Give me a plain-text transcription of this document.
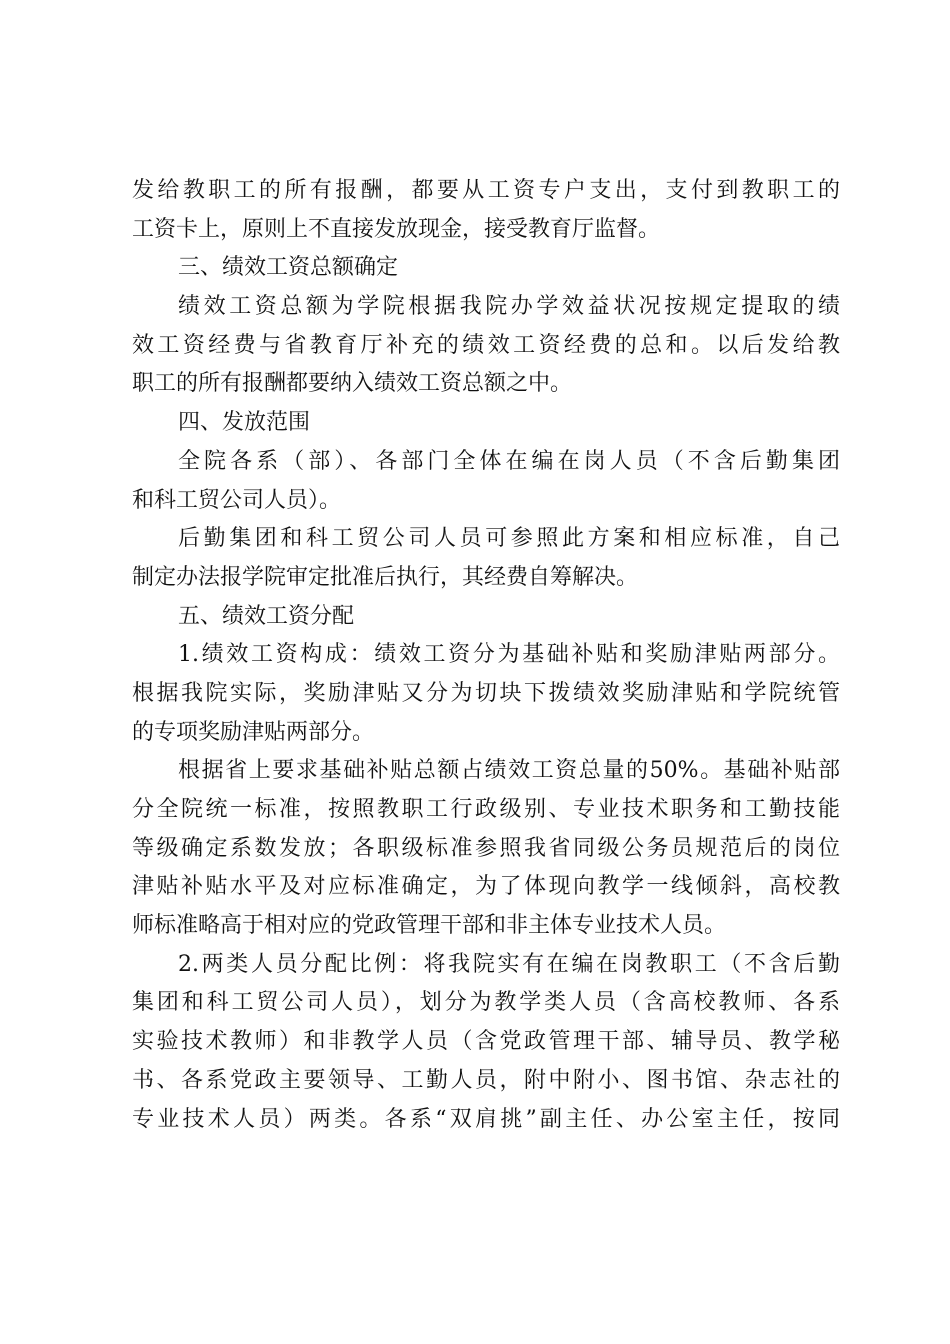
发给教职工的所有报酬，都要从工资专户支出，支付到教职工的
工资卡上，原则上不直接发放现金，接受教育厅监督。
三、绩效工资总额确定
绩效工资总额为学院根据我院办学效益状况按规定提取的绩
效工资经费与省教育厅补充的绩效工资经费的总和。以后发给教
职工的所有报酬都要纳入绩效工资总额之中。
四、发放范围
全院各系（部）、各部门全体在编在岗人员（不含后勤集团
和科工贸公司人员）。
后勤集团和科工贸公司人员可参照此方案和相应标准，自己
制定办法报学院审定批准后执行，其经费自筹解决。
五、绩效工资分配
1.绩效工资构成：绩效工资分为基础补贴和奖励津贴两部分。
根据我院实际，奖励津贴又分为切块下拨绩效奖励津贴和学院统管
的专项奖励津贴两部分。
根据省上要求基础补贴总额占绩效工资总量的50%。基础补贴部
分全院统一标准，按照教职工行政级别、专业技术职务和工勤技能
等级确定系数发放；各职级标准参照我省同级公务员规范后的岗位
津贴补贴水平及对应标准确定，为了体现向教学一线倾斜，高校教
师标准略高于相对应的党政管理干部和非主体专业技术人员。
2.两类人员分配比例：将我院实有在编在岗教职工（不含后勤
集团和科工贸公司人员），划分为教学类人员（含高校教师、各系
实验技术教师）和非教学人员（含党政管理干部、辅导员、教学秘
书、各系党政主要领导、工勤人员，附中附小、图书馆、杂志社的
专业技术人员）两类。各系“双肩挑”副主任、办公室主任，按同
